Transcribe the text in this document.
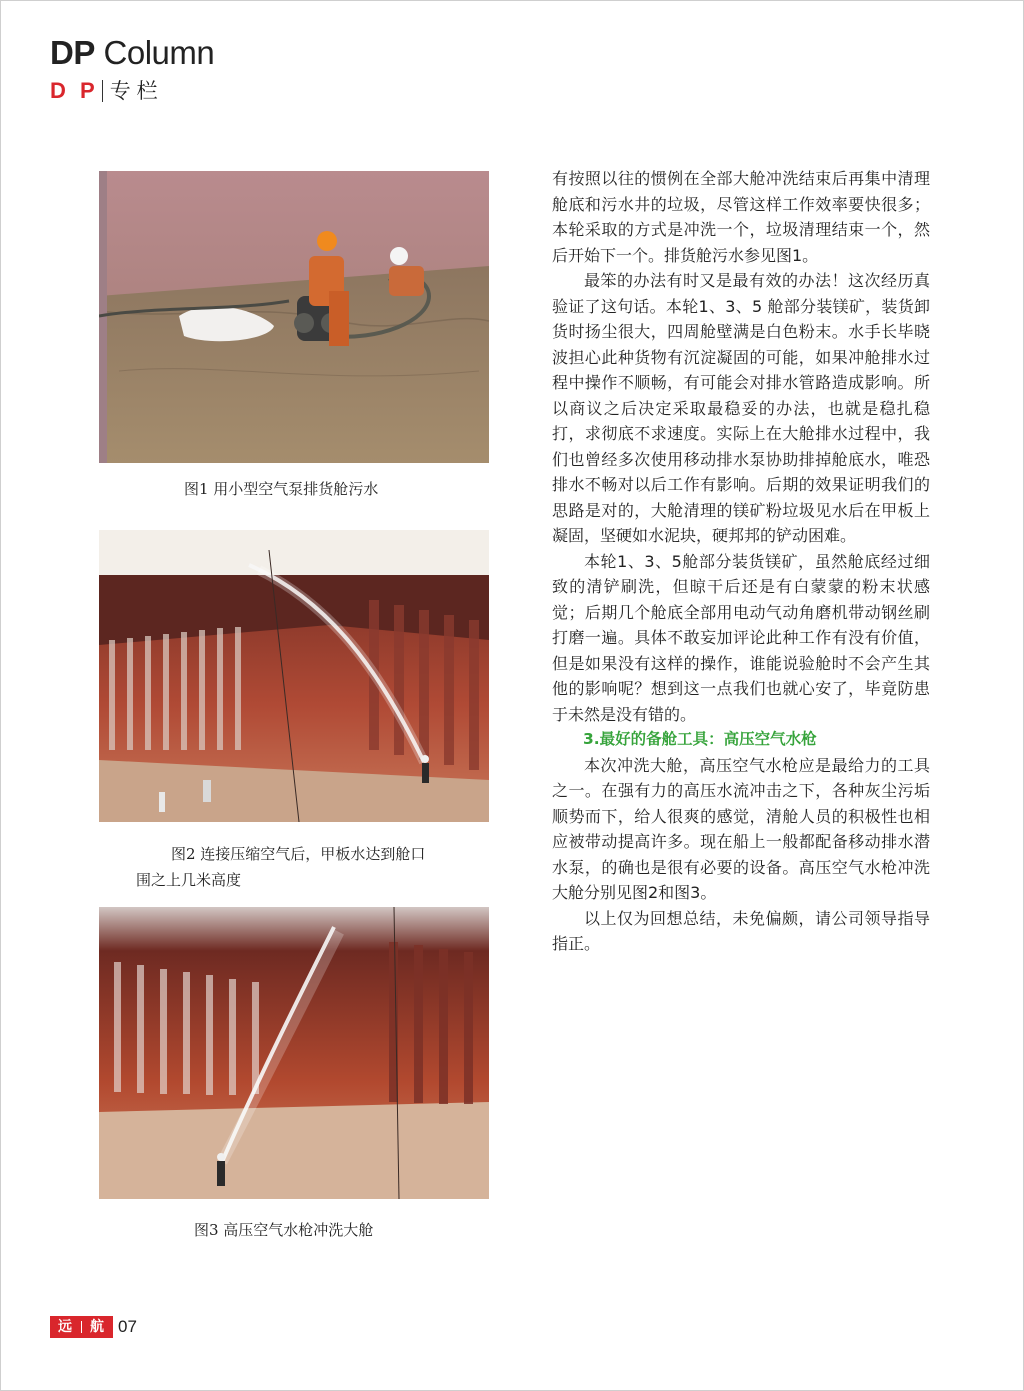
DP Column
D P 专栏
图1 用小型空气泵排货舱污水
图2 连接压缩空气后，甲板水达到舱口
围之上几米高度
图3 高压空气水枪冲洗大舱

有按照以往的惯例在全部大舱冲洗结束后再集中清理舱底和污水井的垃圾，尽管这样工作效率要快很多；本轮采取的方式是冲洗一个，垃圾清理结束一个，然后开始下一个。排货舱污水参见图1。

最笨的办法有时又是最有效的办法！这次经历真验证了这句话。本轮1、3、5 舱部分装镁矿，装货卸货时扬尘很大，四周舱壁满是白色粉末。水手长毕晓波担心此种货物有沉淀凝固的可能，如果冲舱排水过程中操作不顺畅，有可能会对排水管路造成影响。所以商议之后决定采取最稳妥的办法，也就是稳扎稳打，求彻底不求速度。实际上在大舱排水过程中，我们也曾经多次使用移动排水泵协助排掉舱底水，唯恐排水不畅对以后工作有影响。后期的效果证明我们的思路是对的，大舱清理的镁矿粉垃圾见水后在甲板上凝固，坚硬如水泥块，硬邦邦的铲动困难。

本轮1、3、5舱部分装货镁矿，虽然舱底经过细致的清铲刷洗，但晾干后还是有白蒙蒙的粉末状感觉；后期几个舱底全部用电动气动角磨机带动钢丝刷打磨一遍。具体不敢妄加评论此种工作有没有价值，但是如果没有这样的操作，谁能说验舱时不会产生其他的影响呢？想到这一点我们也就心安了，毕竟防患于未然是没有错的。

3.最好的备舱工具：高压空气水枪

本次冲洗大舱，高压空气水枪应是最给力的工具之一。在强有力的高压水流冲击之下，各种灰尘污垢顺势而下，给人很爽的感觉，清舱人员的积极性也相应被带动提高许多。现在船上一般都配备移动排水潜水泵，的确也是很有必要的设备。高压空气水枪冲洗大舱分别见图2和图3。

以上仅为回想总结，未免偏颇，请公司领导指导指正。

远 航 07
